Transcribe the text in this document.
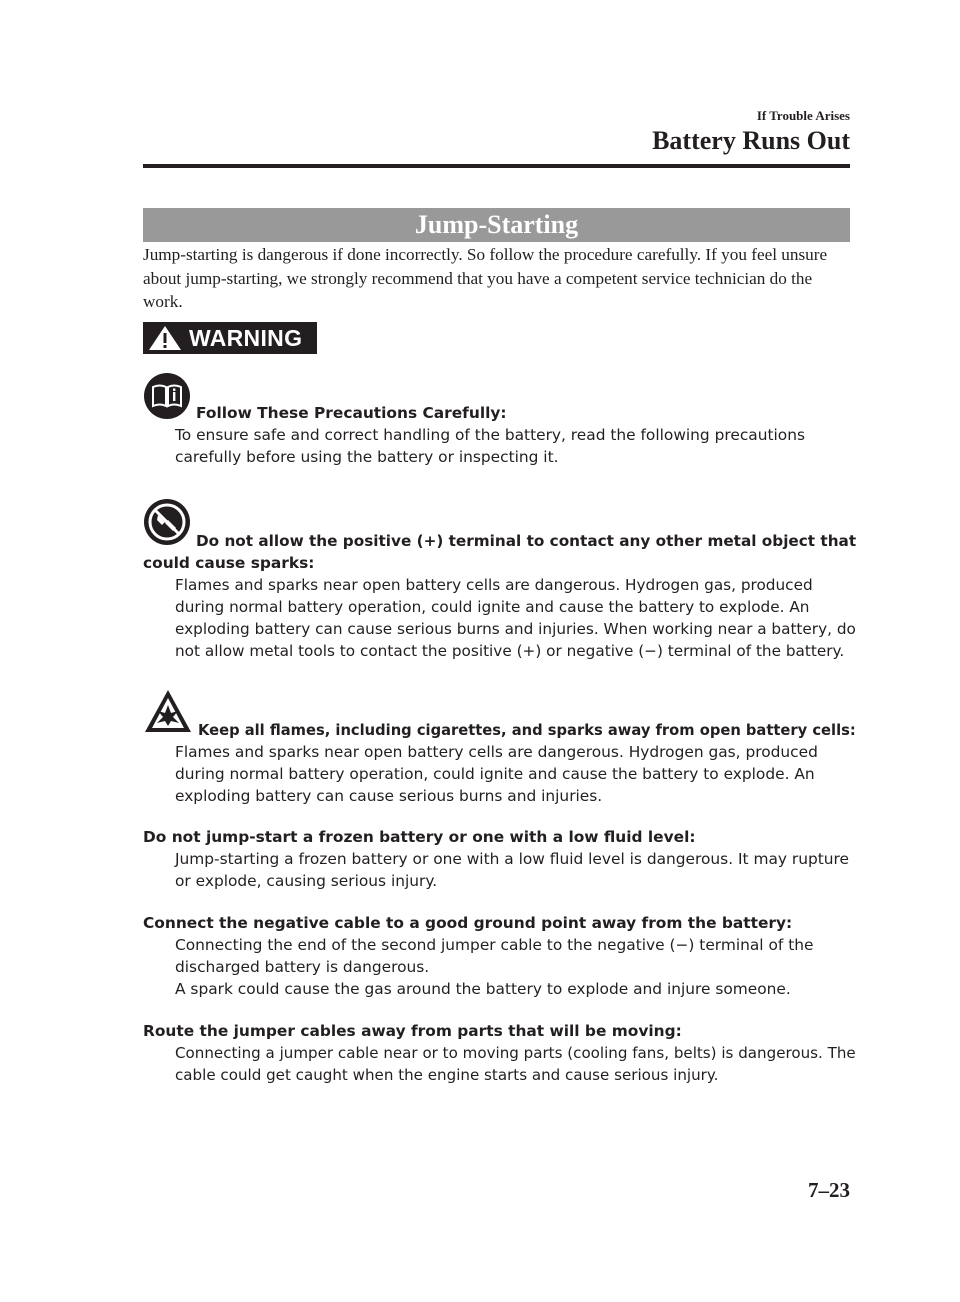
If Trouble Arises
Battery Runs Out
Jump-Starting

Jump-starting is dangerous if done incorrectly. So follow the procedure carefully. If you feel unsure about jump-starting, we strongly recommend that you have a competent service technician do the work.

WARNING
Follow These Precautions Carefully:

To ensure safe and correct handling of the battery, read the following precautions
carefully before using the battery or inspecting it.

Do not allow the positive (+) terminal to contact any other metal object that
could cause sparks:

Flames and sparks near open battery cells are dangerous. Hydrogen gas, produced
during normal battery operation, could ignite and cause the battery to explode. An
exploding battery can cause serious burns and injuries. When working near a battery, do
not allow metal tools to contact the positive (+) or negative (−) terminal of the battery.

Keep all flames, including cigarettes, and sparks away from open battery cells:

Flames and sparks near open battery cells are dangerous. Hydrogen gas, produced
during normal battery operation, could ignite and cause the battery to explode. An
exploding battery can cause serious burns and injuries.

Do not jump-start a frozen battery or one with a low fluid level:

Jump-starting a frozen battery or one with a low fluid level is dangerous. It may rupture
or explode, causing serious injury.

Connect the negative cable to a good ground point away from the battery:

Connecting the end of the second jumper cable to the negative (−) terminal of the
discharged battery is dangerous.
A spark could cause the gas around the battery to explode and injure someone.

Route the jumper cables away from parts that will be moving:

Connecting a jumper cable near or to moving parts (cooling fans, belts) is dangerous. The
cable could get caught when the engine starts and cause serious injury.

7–23
